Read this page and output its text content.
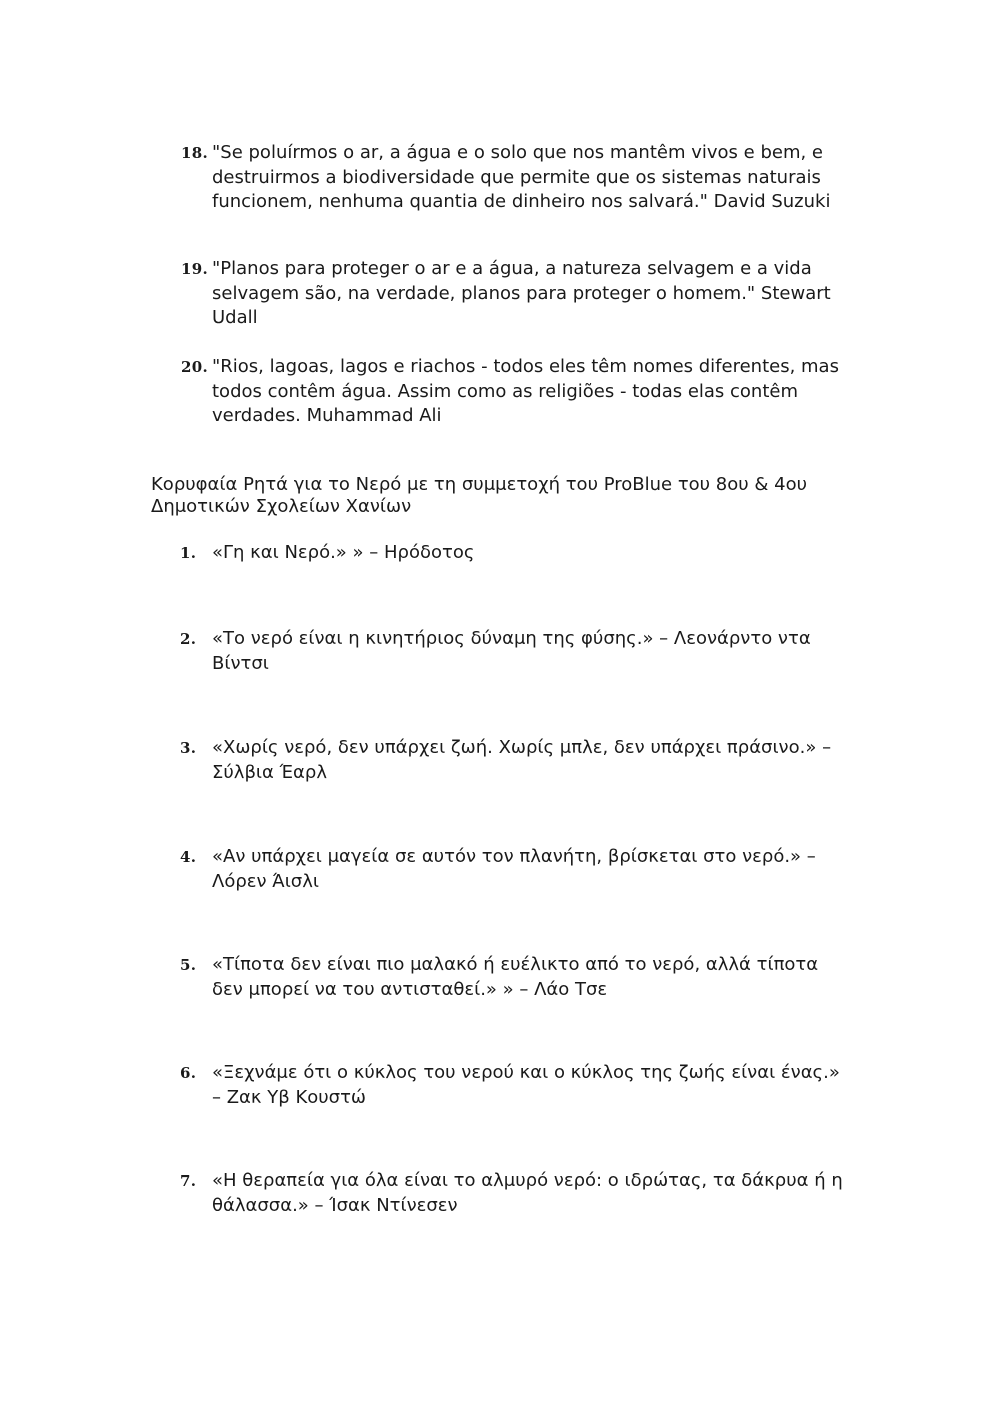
18. "Se poluírmos o ar, a água e o solo que nos mantêm vivos e bem, e destruirmos a biodiversidade que permite que os sistemas naturais funcionem, nenhuma quantia de dinheiro nos salvará." David Suzuki
19. "Planos para proteger o ar e a água, a natureza selvagem e a vida selvagem são, na verdade, planos para proteger o homem." Stewart Udall
20. "Rios, lagoas, lagos e riachos - todos eles têm nomes diferentes, mas todos contêm água. Assim como as religiões - todas elas contêm verdades. Muhammad Ali
Κορυφαία Ρητά για το Νερό με τη συμμετοχή του ProBlue του 8ου & 4ου Δημοτικών Σχολείων Χανίων
1. «Γη και Νερό.» » – Ηρόδοτος
2. «Το νερό είναι η κινητήριος δύναμη της φύσης.» – Λεονάρντο ντα Βίντσι
3. «Χωρίς νερό, δεν υπάρχει ζωή. Χωρίς μπλε, δεν υπάρχει πράσινο.» – Σύλβια Έαρλ
4. «Αν υπάρχει μαγεία σε αυτόν τον πλανήτη, βρίσκεται στο νερό.» – Λόρεν Άισλι
5. «Τίποτα δεν είναι πιο μαλακό ή ευέλικτο από το νερό, αλλά τίποτα δεν μπορεί να του αντισταθεί.» » – Λάο Τσε
6. «Ξεχνάμε ότι ο κύκλος του νερού και ο κύκλος της ζωής είναι ένας.» – Ζακ Υβ Κουστώ
7. «Η θεραπεία για όλα είναι το αλμυρό νερό: ο ιδρώτας, τα δάκρυα ή η θάλασσα.» – Ίσακ Ντίνεσεν
